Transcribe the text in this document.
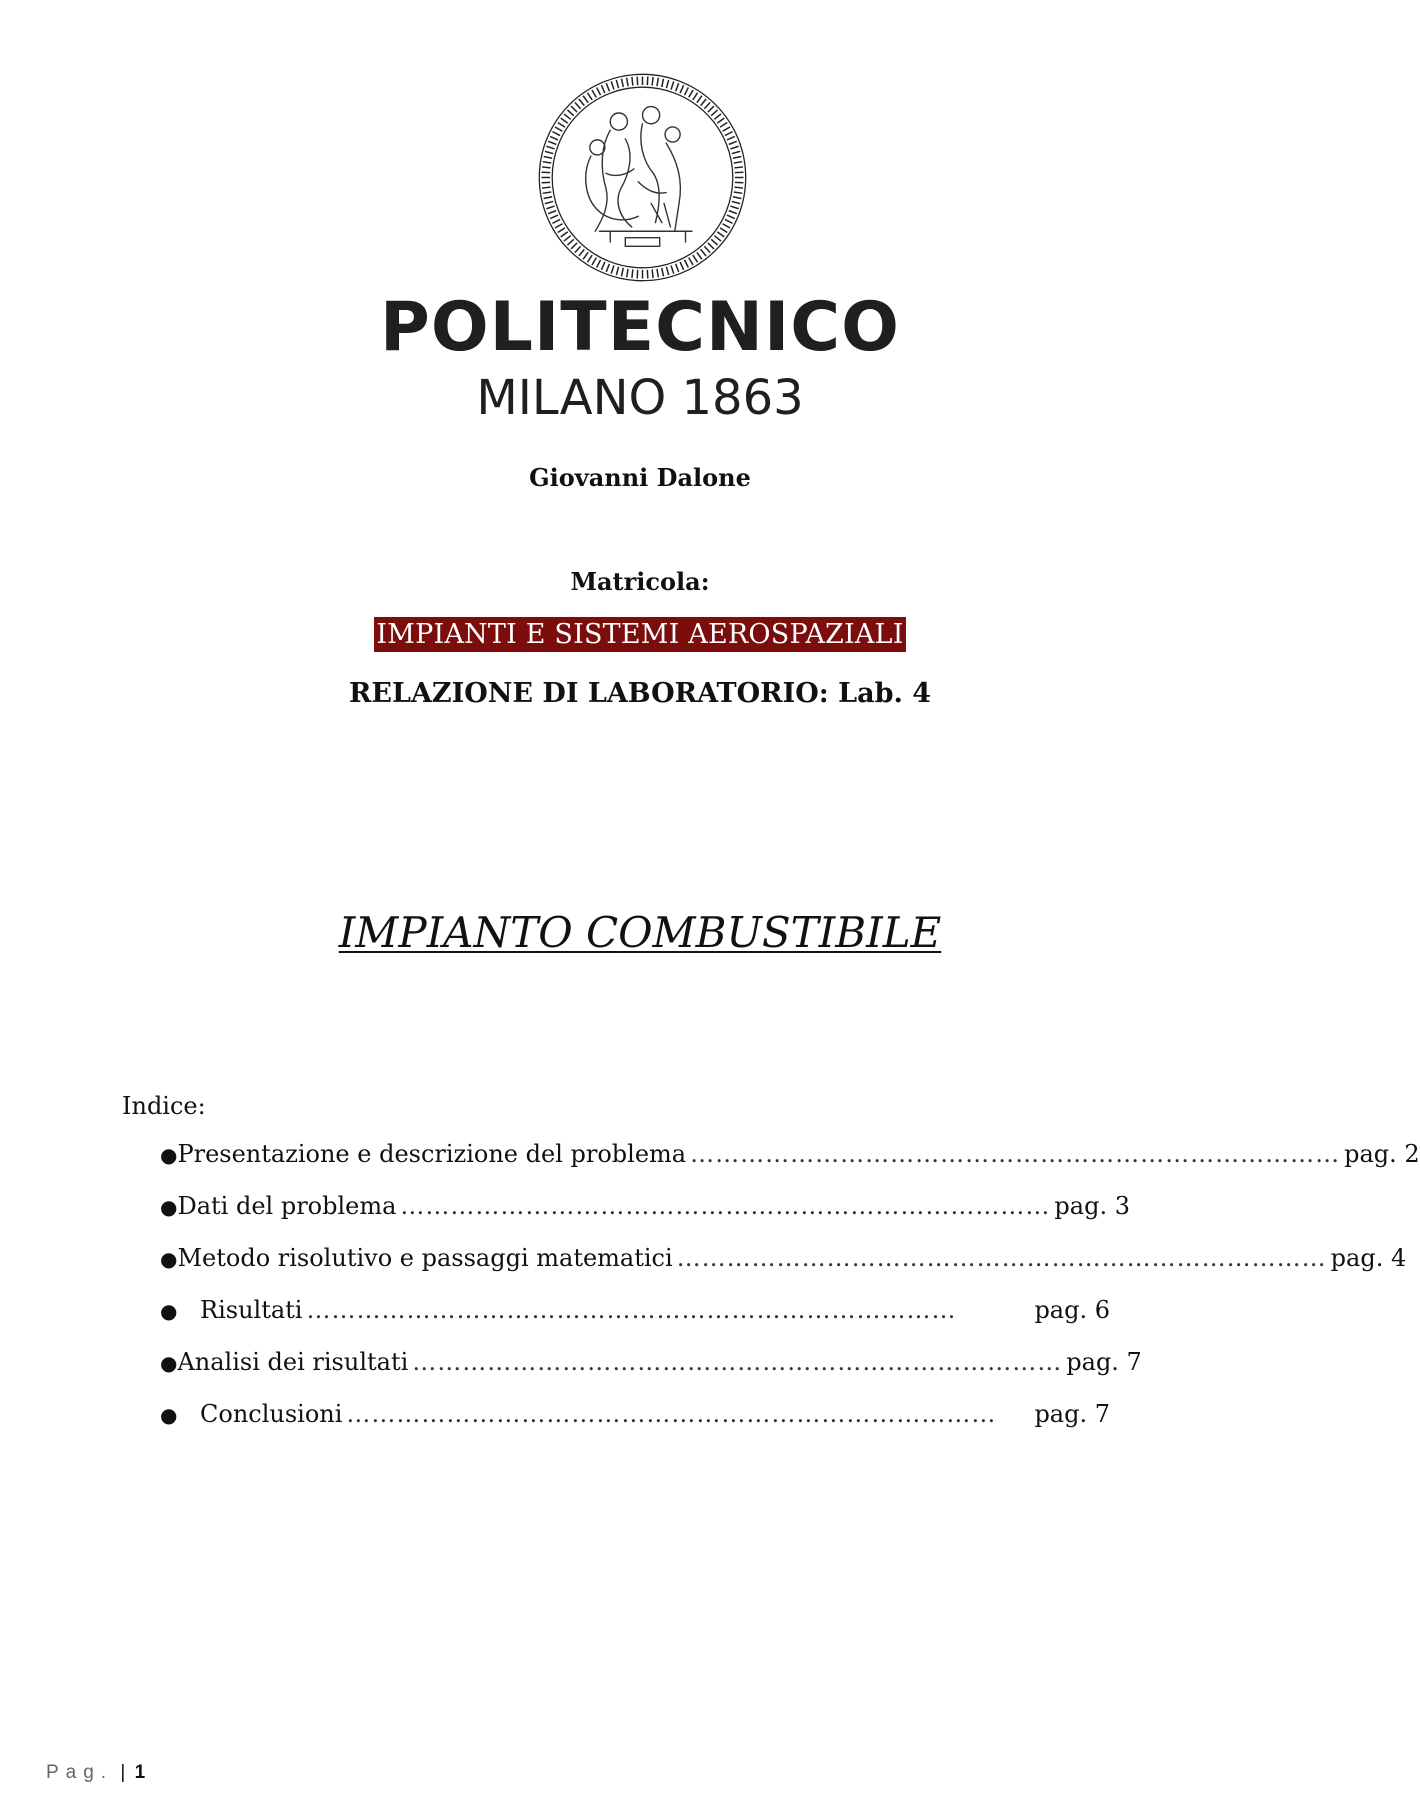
POLITECNICO
MILANO 1863
Giovanni Dalone
Matricola:
IMPIANTI E SISTEMI AEROSPAZIALI
RELAZIONE DI LABORATORIO: Lab. 4
IMPIANTO COMBUSTIBILE
Indice:
● Presentazione e descrizione del problema …………………………………………………………………… pag. 2
● Dati del problema …………………………………………………………………… pag. 3
● Metodo risolutivo e passaggi matematici …………………………………………………………………… pag. 4
● Risultati ……………………………………………………………………	pag. 6
● Analisi dei risultati …………………………………………………………………… pag. 7
● Conclusioni ……………………………………………………………………	pag. 7
Pag. | 1
